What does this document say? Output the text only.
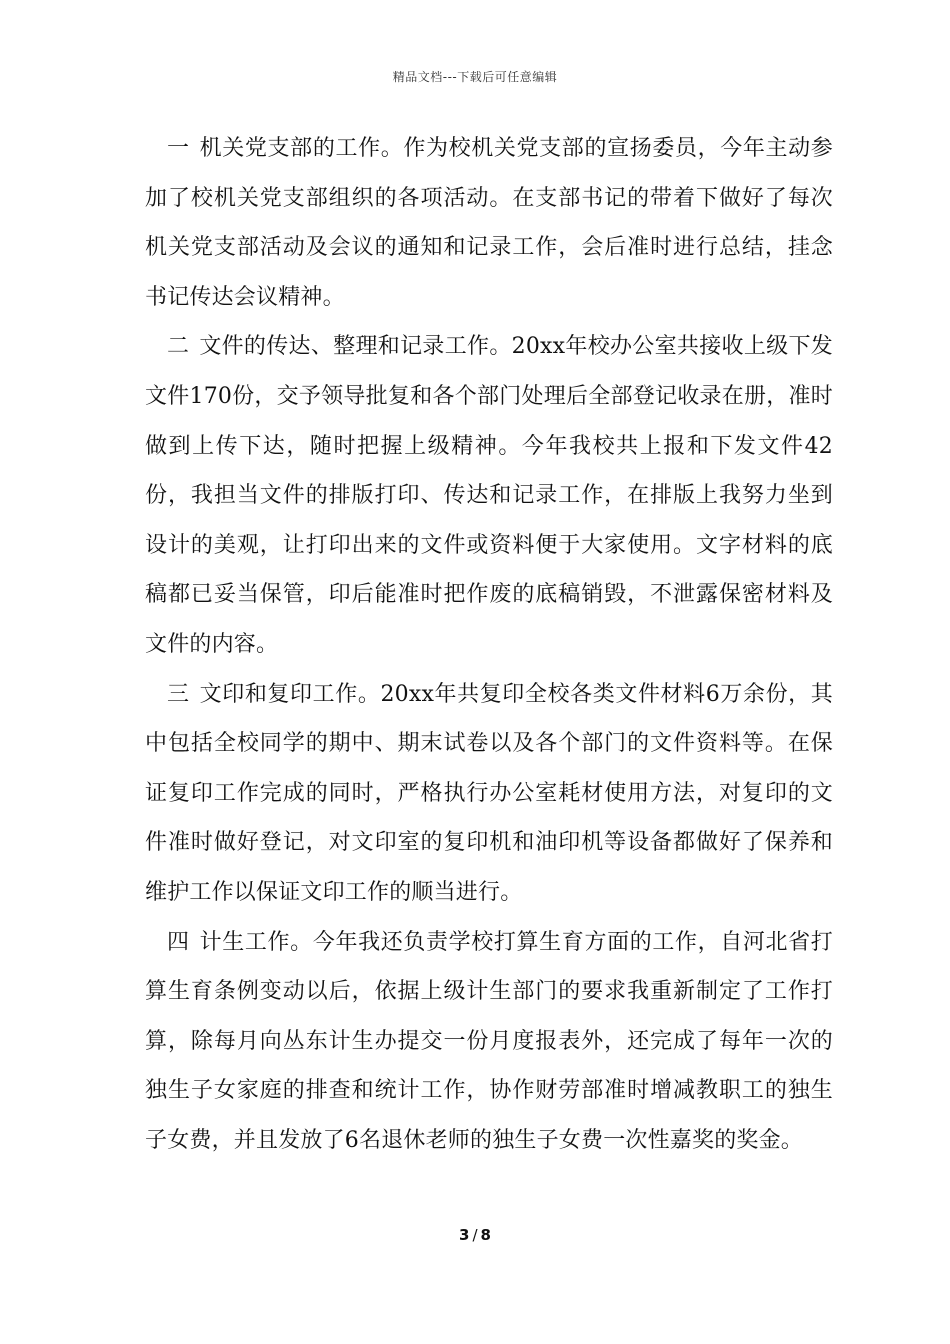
精品文档---下载后可任意编辑

一 机关党支部的工作。作为校机关党支部的宣扬委员，今年主动参加了校机关党支部组织的各项活动。在支部书记的带着下做好了每次机关党支部活动及会议的通知和记录工作，会后准时进行总结，挂念书记传达会议精神。

二 文件的传达、整理和记录工作。20xx年校办公室共接收上级下发文件170份，交予领导批复和各个部门处理后全部登记收录在册，准时做到上传下达，随时把握上级精神。今年我校共上报和下发文件42份，我担当文件的排版打印、传达和记录工作，在排版上我努力坐到设计的美观，让打印出来的文件或资料便于大家使用。文字材料的底稿都已妥当保管，印后能准时把作废的底稿销毁，不泄露保密材料及文件的内容。

三 文印和复印工作。20xx年共复印全校各类文件材料6万余份，其中包括全校同学的期中、期末试卷以及各个部门的文件资料等。在保证复印工作完成的同时，严格执行办公室耗材使用方法，对复印的文件准时做好登记，对文印室的复印机和油印机等设备都做好了保养和维护工作以保证文印工作的顺当进行。

四 计生工作。今年我还负责学校打算生育方面的工作，自河北省打算生育条例变动以后，依据上级计生部门的要求我重新制定了工作打算，除每月向丛东计生办提交一份月度报表外，还完成了每年一次的独生子女家庭的排查和统计工作，协作财劳部准时增减教职工的独生子女费，并且发放了6名退休老师的独生子女费一次性嘉奖的奖金。

3 / 8
